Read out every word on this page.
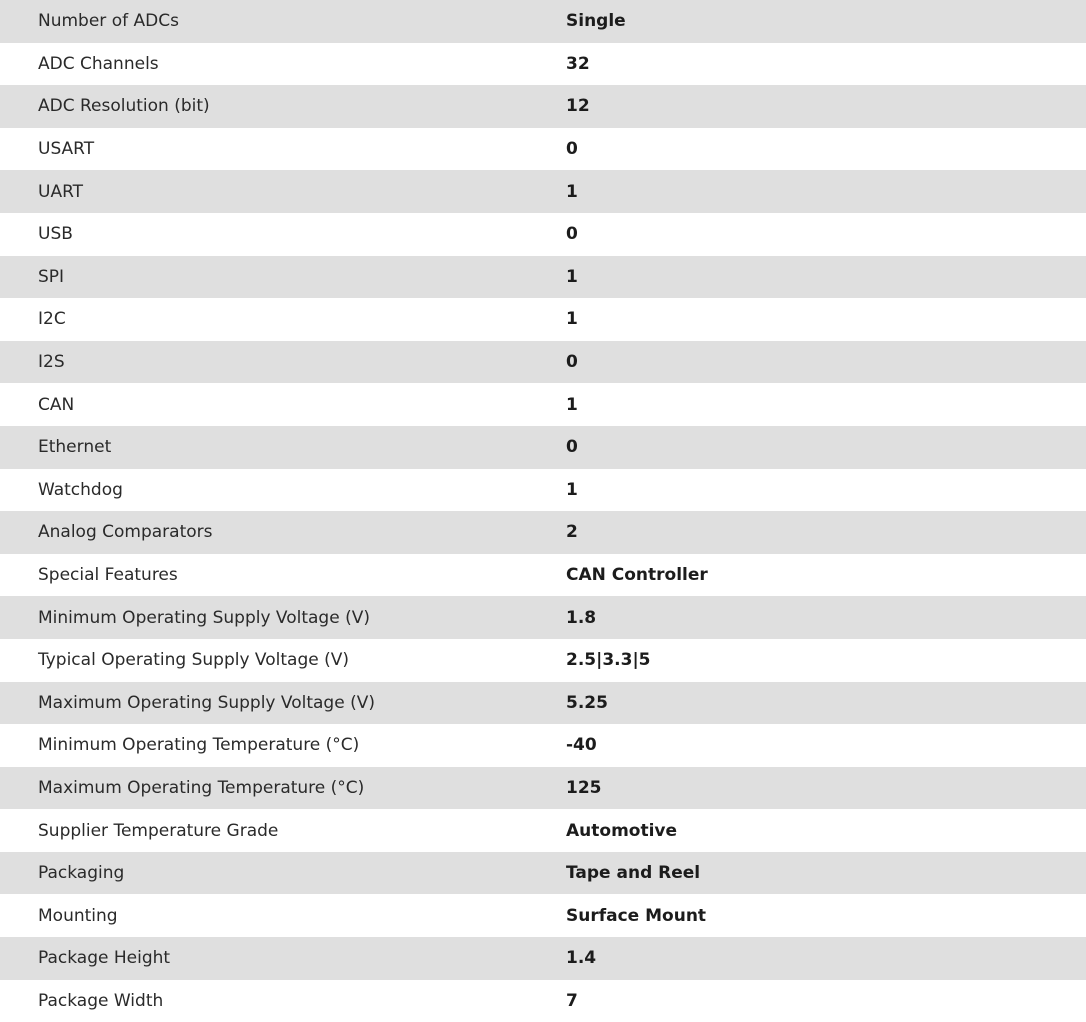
Number of ADCs	Single
ADC Channels	32
ADC Resolution (bit)	12
USART	0
UART	1
USB	0
SPI	1
I2C	1
I2S	0
CAN	1
Ethernet	0
Watchdog	1
Analog Comparators	2
Special Features	CAN Controller
Minimum Operating Supply Voltage (V)	1.8
Typical Operating Supply Voltage (V)	2.5|3.3|5
Maximum Operating Supply Voltage (V)	5.25
Minimum Operating Temperature (°C)	-40
Maximum Operating Temperature (°C)	125
Supplier Temperature Grade	Automotive
Packaging	Tape and Reel
Mounting	Surface Mount
Package Height	1.4
Package Width	7
